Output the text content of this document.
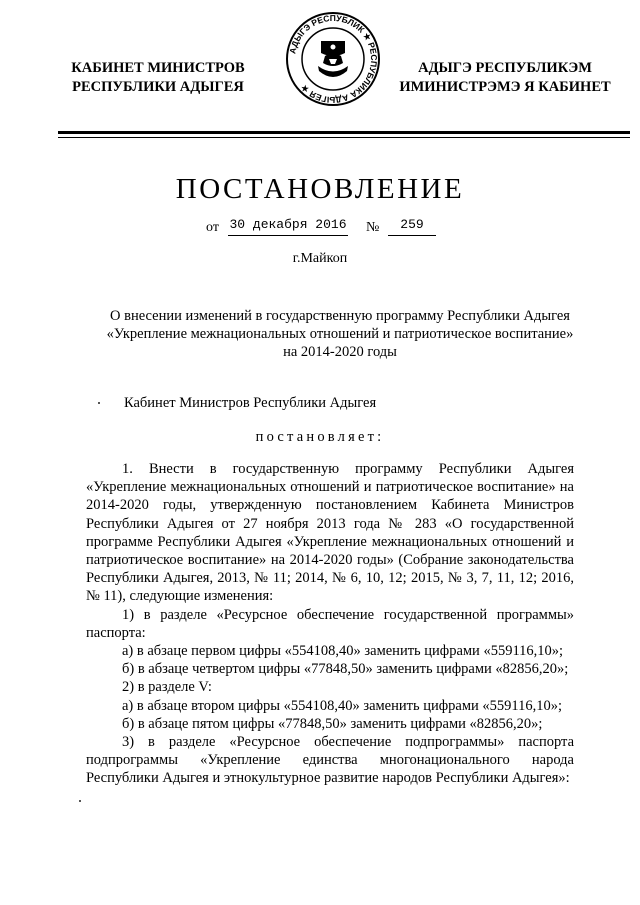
КАБИНЕТ МИНИСТРОВ
РЕСПУБЛИКИ АДЫГЕЯ
АДЫГЭ РЕСПУБЛИК ★ РЕСПУБЛИКА АДЫГЕЯ ★
АДЫГЭ РЕСПУБЛИКЭМ
ИМИНИСТРЭМЭ Я КАБИНЕТ
ПОСТАНОВЛЕНИЕ
от 30 декабря 2016 №	259
г.Майкоп
О внесении изменений в государственную программу Республики Адыгея
«Укрепление межнациональных отношений и патриотическое воспитание»
на 2014-2020 годы
Кабинет Министров Республики Адыгея
постановляет:

1. Внести в государственную программу Республики Адыгея «Укрепление межнациональных отношений и патриотическое воспитание» на 2014-2020 годы, утвержденную постановлением Кабинета Министров Республики Адыгея от 27 ноября 2013 года № 283 «О государственной программе Республики Адыгея «Укрепление межнациональных отношений и патриотическое воспитание» на 2014-2020 годы» (Собрание законодательства Республики Адыгея, 2013, № 11; 2014, № 6, 10, 12; 2015, № 3, 7, 11, 12; 2016, № 11), следующие изменения:

1) в разделе «Ресурсное обеспечение государственной программы» паспорта:

а) в абзаце первом цифры «554108,40» заменить цифрами «559116,10»;

б) в абзаце четвертом цифры «77848,50» заменить цифрами «82856,20»;

2) в разделе V:

а) в абзаце втором цифры «554108,40» заменить цифрами «559116,10»;

б) в абзаце пятом цифры «77848,50» заменить цифрами «82856,20»;

3) в разделе «Ресурсное обеспечение подпрограммы» паспорта подпрограммы «Укрепление единства многонационального народа Республики Адыгея и этнокультурное развитие народов Республики Адыгея»:
